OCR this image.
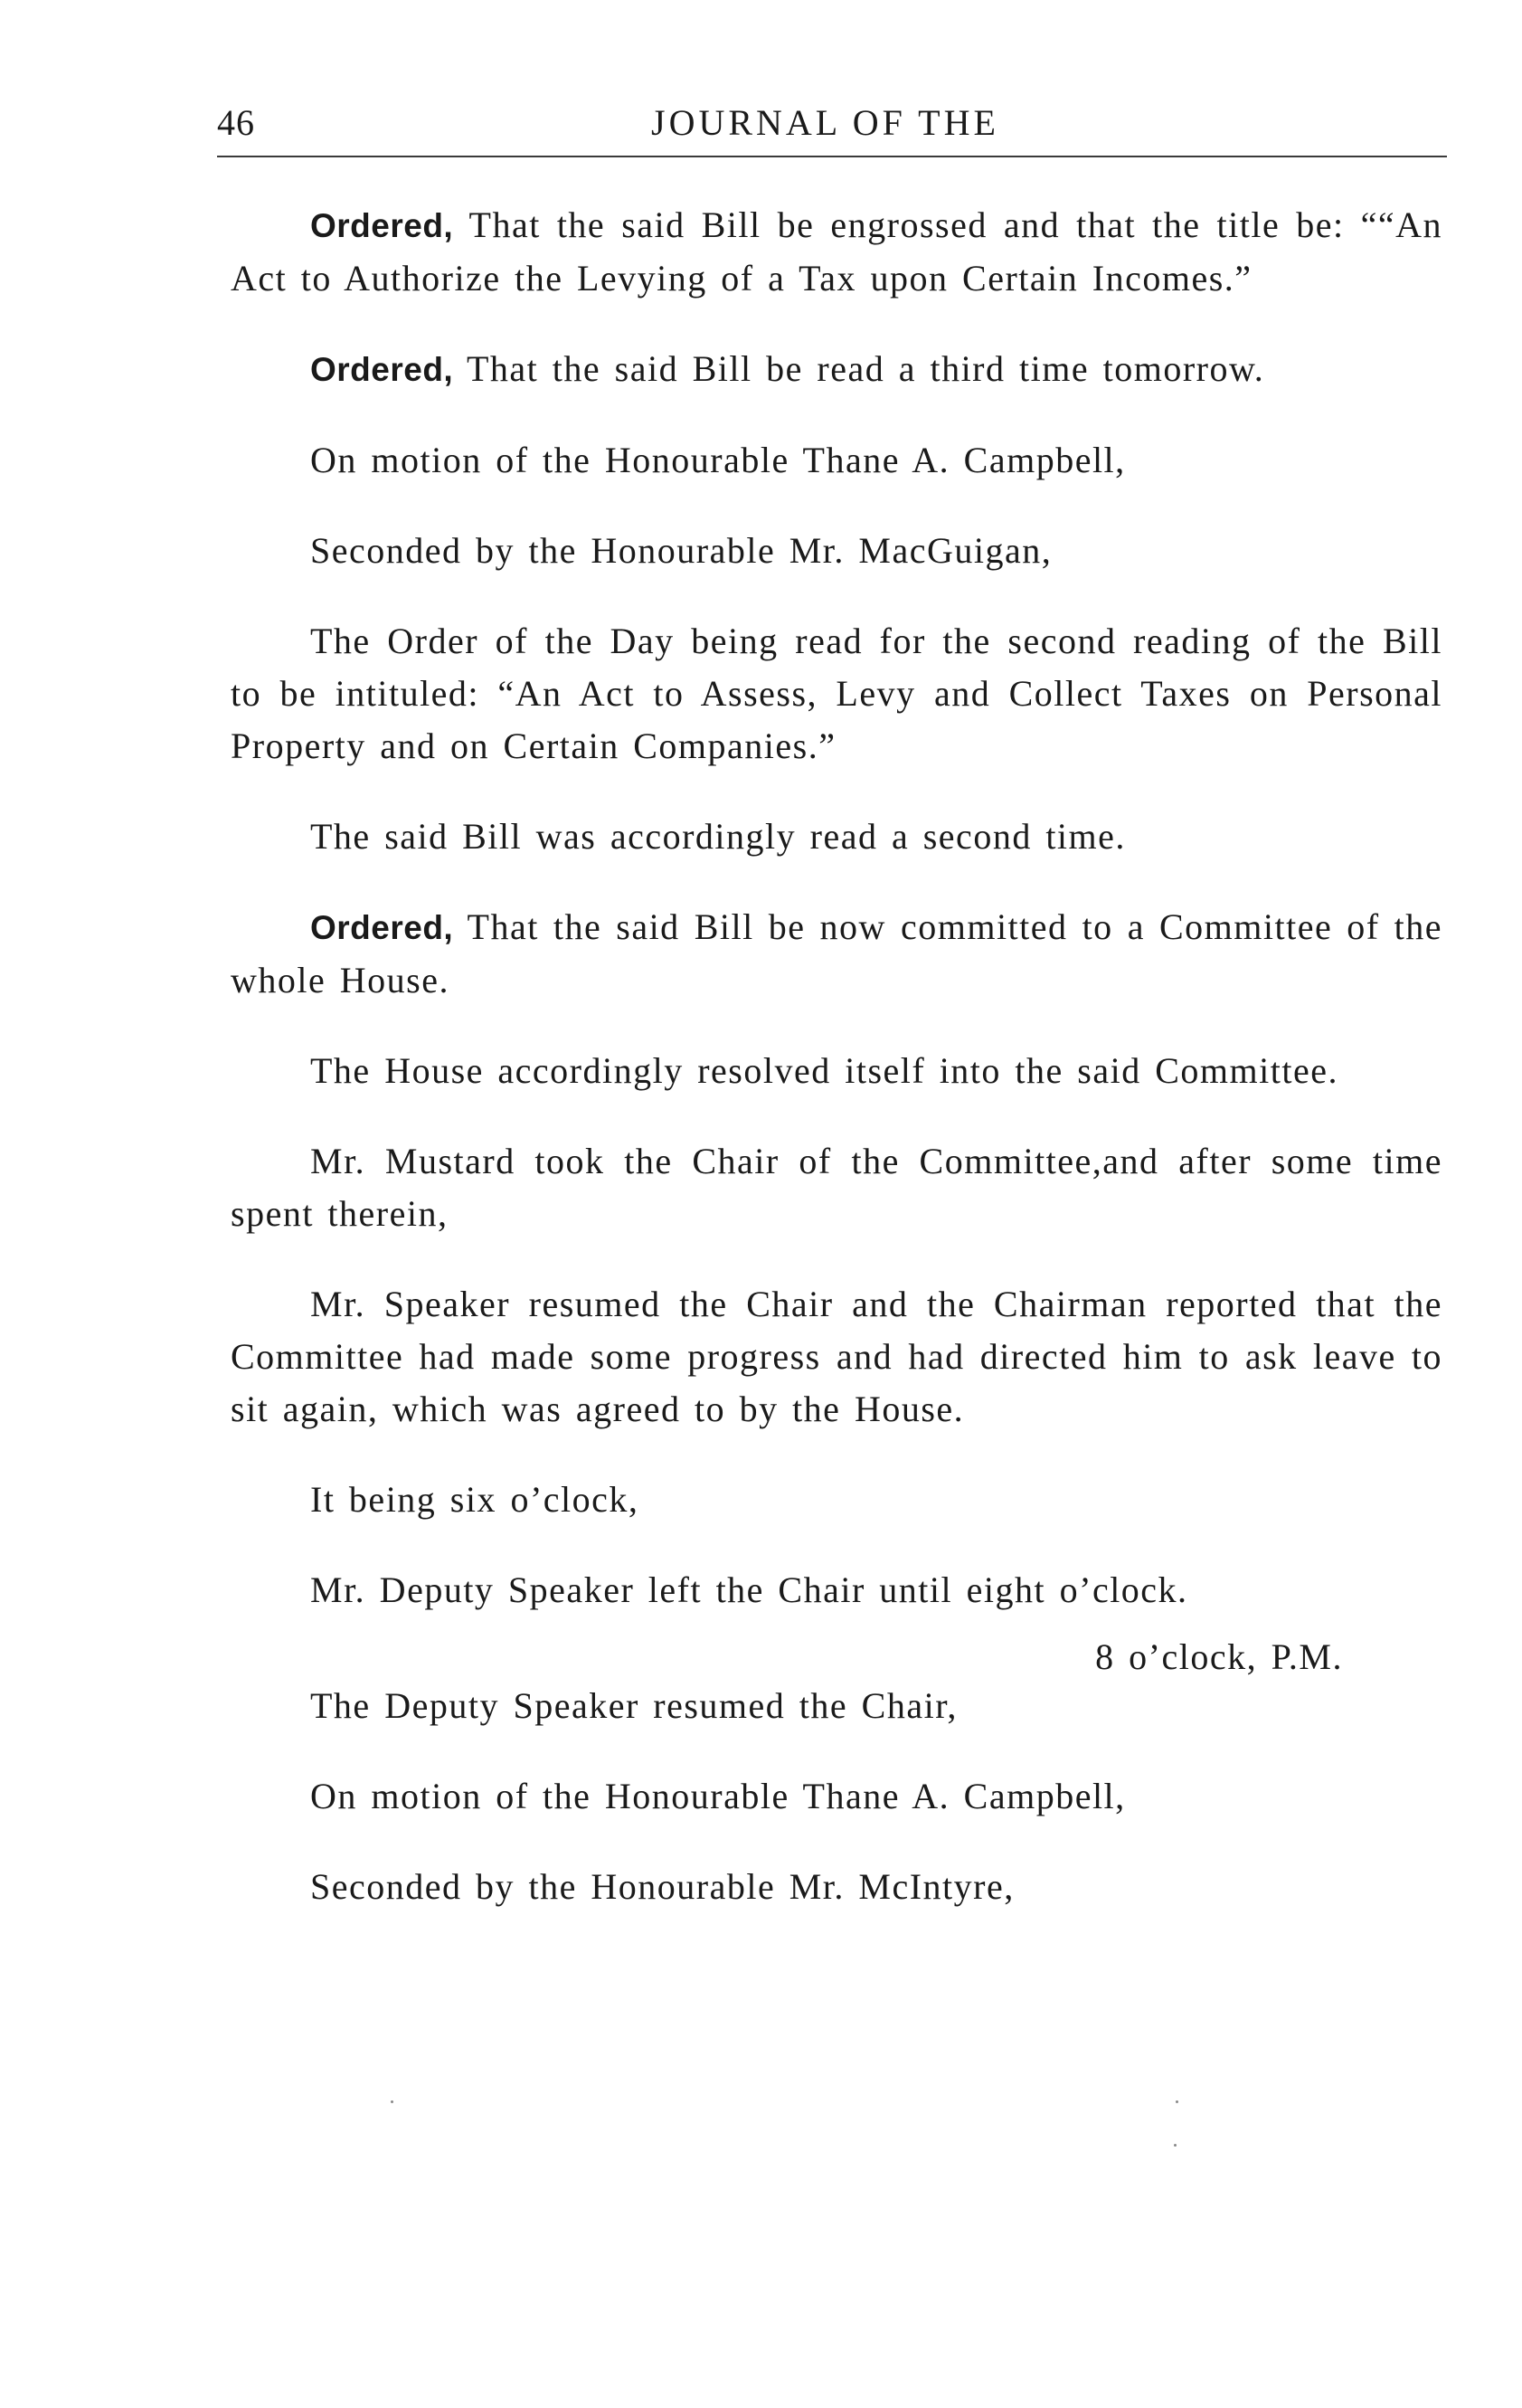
46	JOURNAL OF THE

Ordered, That the said Bill be engrossed and that the title be: ““An Act to Authorize the Levying of a Tax upon Certain Incomes.”

Ordered, That the said Bill be read a third time tomorrow.

On motion of the Honourable Thane A. Campbell,

Seconded by the Honourable Mr. MacGuigan,

The Order of the Day being read for the second reading of the Bill to be intituled: “An Act to Assess, Levy and Collect Taxes on Personal Property and on Certain Companies.”

The said Bill was accordingly read a second time.

Ordered, That the said Bill be now committed to a Committee of the whole House.

The House accordingly resolved itself into the said Committee.

Mr. Mustard took the Chair of the Committee,and after some time spent therein,

Mr. Speaker resumed the Chair and the Chairman reported that the Committee had made some progress and had directed him to ask leave to sit again, which was agreed to by the House.

It being six o’clock,

Mr. Deputy Speaker left the Chair until eight o’clock.

8 o’clock, P.M.

The Deputy Speaker resumed the Chair,

On motion of the Honourable Thane A. Campbell,

Seconded by the Honourable Mr. McIntyre,
